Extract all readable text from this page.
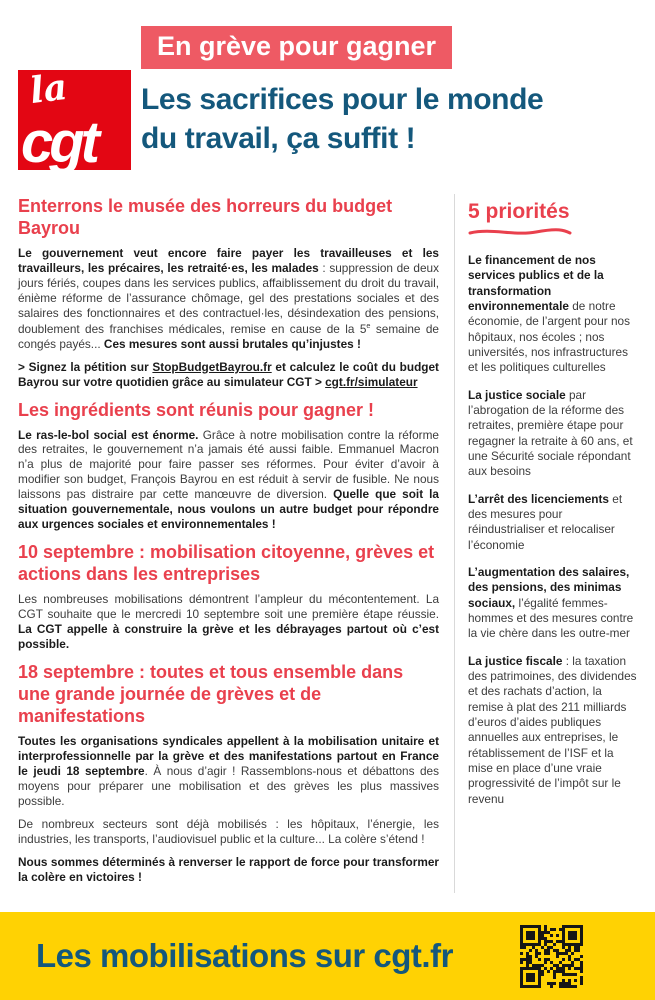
la
cgt
En grève pour gagner
Les sacrifices pour le monde
du travail, ça suffit !
Enterrons le musée des horreurs du budget Bayrou

Le gouvernement veut encore faire payer les travailleuses et les travailleurs, les précaires, les retraité·es, les malades : suppression de deux jours fériés, coupes dans les services publics, affaiblissement du droit du travail, énième réforme de l’assurance chômage, gel des prestations sociales et des salaires des fonctionnaires et des contractuel·les, désindexation des pensions, doublement des franchises médicales, remise en cause de la 5e semaine de congés payés... Ces mesures sont aussi brutales qu’injustes !

> Signez la pétition sur StopBudgetBayrou.fr et calculez le coût du budget Bayrou sur votre quotidien grâce au simulateur CGT > cgt.fr/simulateur

Les ingrédients sont réunis pour gagner !

Le ras-le-bol social est énorme. Grâce à notre mobilisation contre la réforme des retraites, le gouvernement n’a jamais été aussi faible. Emmanuel Macron n’a plus de majorité pour faire passer ses réformes. Pour éviter d’avoir à modifier son budget, François Bayrou en est réduit à servir de fusible. Ne nous laissons pas distraire par cette manœuvre de diversion. Quelle que soit la situation gouvernementale, nous voulons un autre budget pour répondre aux urgences sociales et environnementales !

10 septembre : mobilisation citoyenne, grèves et actions dans les entreprises

Les nombreuses mobilisations démontrent l’ampleur du mécontentement. La CGT souhaite que le mercredi 10 septembre soit une première étape réussie. La CGT appelle à construire la grève et les débrayages partout où c’est possible.

18 septembre : toutes et tous ensemble dans une grande journée de grèves et de manifestations

Toutes les organisations syndicales appellent à la mobilisation unitaire et interprofessionnelle par la grève et des manifestations partout en France le jeudi 18 septembre. À nous d’agir ! Rassemblons-nous et débattons des moyens pour préparer une mobilisation et des grèves les plus massives possible.

De nombreux secteurs sont déjà mobilisés : les hôpitaux, l’énergie, les industries, les transports, l’audiovisuel public et la culture... La colère s’étend !

Nous sommes déterminés à renverser le rapport de force pour transformer la colère en victoires !

5 priorités

Le financement de nos services publics et de la transformation environnementale de notre économie, de l’argent pour nos hôpitaux, nos écoles ; nos universités, nos infrastructures et les politiques culturelles

La justice sociale par l’abrogation de la réforme des retraites, première étape pour regagner la retraite à 60 ans, et une Sécurité sociale répondant aux besoins

L’arrêt des licenciements et des mesures pour réindustrialiser et relocaliser l’économie

L’augmentation des salaires, des pensions, des minimas sociaux, l’égalité femmes-hommes et des mesures contre la vie chère dans les outre-mer

La justice fiscale : la taxation des patrimoines, des dividendes et des rachats d’action, la remise à plat des 211 milliards d’euros d’aides publiques annuelles aux entreprises, le rétablissement de l’ISF et la mise en place d’une vraie progressivité de l’impôt sur le revenu

Les mobilisations sur cgt.fr
